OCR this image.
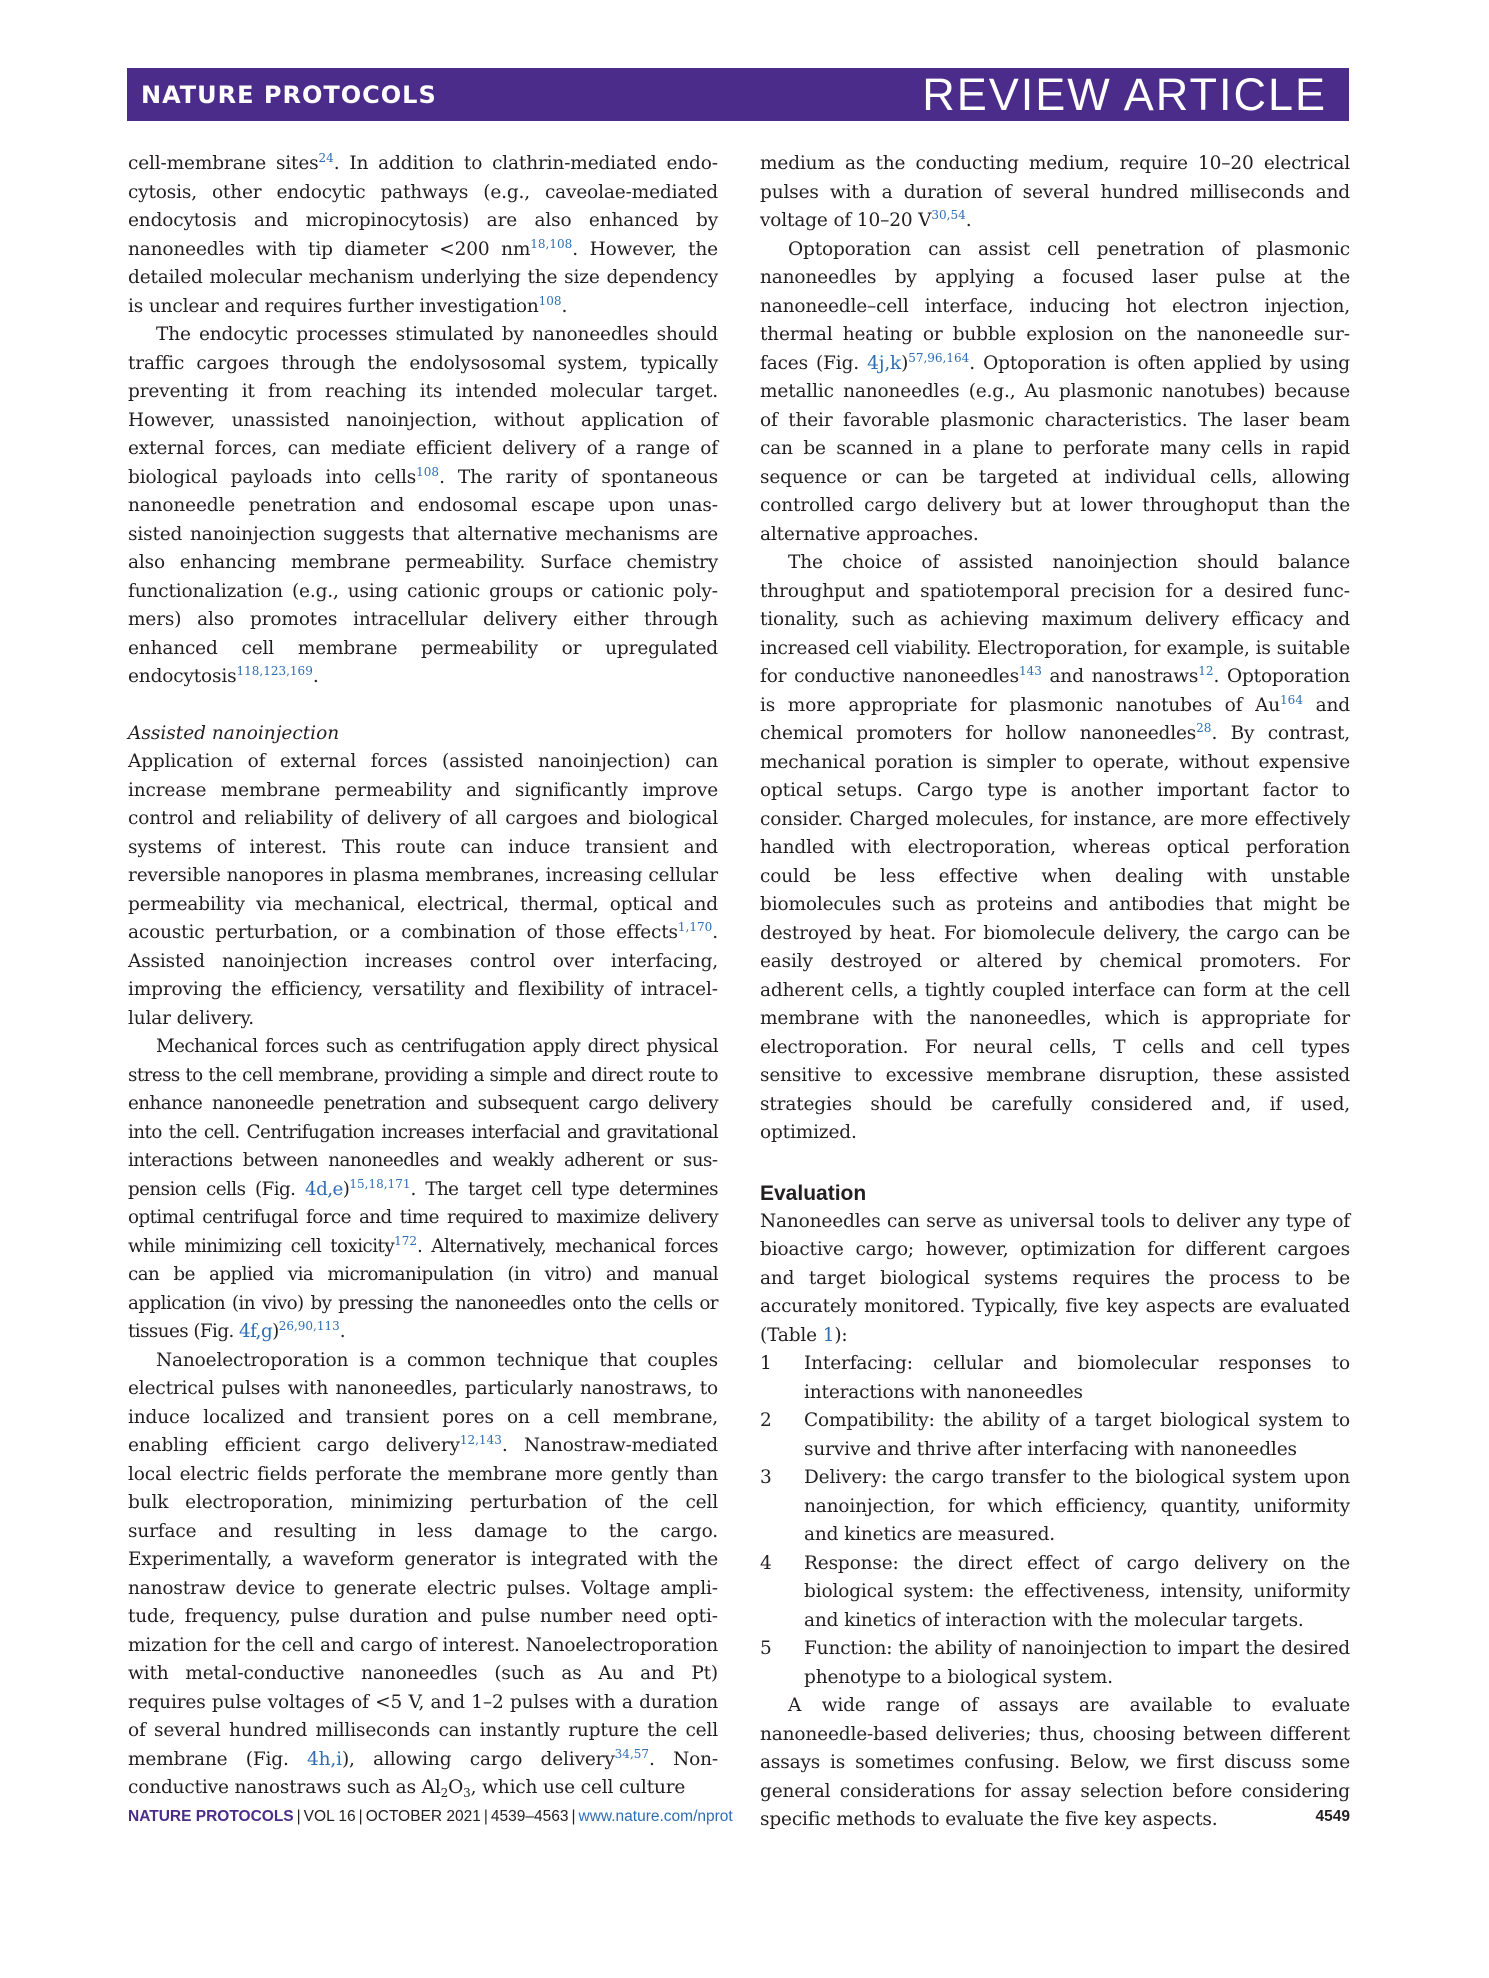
NATURE PROTOCOLS	REVIEW ARTICLE

cell-membrane sites$^{24}$. In addition to clathrin-mediated endocytosis, other endocytic pathways (e.g., caveolae-mediated endocytosis and micropinocytosis) are also enhanced by nanoneedles with tip diameter <200 nm$^{18,108}$. However, the detailed molecular mechanism underlying the size dependency is unclear and requires further investigation$^{108}$.

The endocytic processes stimulated by nanoneedles should traffic cargoes through the endolysosomal system, typically preventing it from reaching its intended molecular target. However, unassisted nanoinjection, without application of external forces, can mediate efficient delivery of a range of biological payloads into cells$^{108}$. The rarity of spontaneous nanoneedle penetration and endosomal escape upon unassisted nanoinjection suggests that alternative mechanisms are also enhancing membrane permeability. Surface chemistry functionalization (e.g., using cationic groups or cationic polymers) also promotes intracellular delivery either through enhanced cell membrane permeability or upregulated endocytosis$^{118,123,169}$.

Assisted nanoinjection

Application of external forces (assisted nanoinjection) can increase membrane permeability and significantly improve control and reliability of delivery of all cargoes and biological systems of interest. This route can induce transient and reversible nanopores in plasma membranes, increasing cellular permeability via mechanical, electrical, thermal, optical and acoustic perturbation, or a combination of those effects$^{1,170}$. Assisted nanoinjection increases control over interfacing, improving the efficiency, versatility and flexibility of intracellular delivery.

Mechanical forces such as centrifugation apply direct physical stress to the cell membrane, providing a simple and direct route to enhance nanoneedle penetration and subsequent cargo delivery into the cell. Centrifugation increases interfacial and gravitational interactions between nanoneedles and weakly adherent or suspension cells (Fig. 4d,e)$^{15,18,171}$. The target cell type determines optimal centrifugal force and time required to maximize delivery while minimizing cell toxicity$^{172}$. Alternatively, mechanical forces can be applied via micromanipulation (in vitro) and manual application (in vivo) by pressing the nanoneedles onto the cells or tissues (Fig. 4f,g)$^{26,90,113}$.

Nanoelectroporation is a common technique that couples electrical pulses with nanoneedles, particularly nanostraws, to induce localized and transient pores on a cell membrane, enabling efficient cargo delivery$^{12,143}$. Nanostraw-mediated local electric fields perforate the membrane more gently than bulk electroporation, minimizing perturbation of the cell surface and resulting in less damage to the cargo. Experimentally, a waveform generator is integrated with the nanostraw device to generate electric pulses. Voltage amplitude, frequency, pulse duration and pulse number need optimization for the cell and cargo of interest. Nanoelectroporation with metal-conductive nanoneedles (such as Au and Pt) requires pulse voltages of <5 V, and 1–2 pulses with a duration of several hundred milliseconds can instantly rupture the cell membrane (Fig. 4h,i), allowing cargo delivery$^{34,57}$. Non-conductive nanostraws such as $Al_2O_3$, which use cell culture

medium as the conducting medium, require 10–20 electrical pulses with a duration of several hundred milliseconds and voltage of 10–20 V$^{30,54}$.

Optoporation can assist cell penetration of plasmonic nanoneedles by applying a focused laser pulse at the nanoneedle–cell interface, inducing hot electron injection, thermal heating or bubble explosion on the nanoneedle surfaces (Fig. 4j,k)$^{57,96,164}$. Optoporation is often applied by using metallic nanoneedles (e.g., Au plasmonic nanotubes) because of their favorable plasmonic characteristics. The laser beam can be scanned in a plane to perforate many cells in rapid sequence or can be targeted at individual cells, allowing controlled cargo delivery but at lower throughoput than the alternative approaches.

The choice of assisted nanoinjection should balance throughput and spatiotemporal precision for a desired functionality, such as achieving maximum delivery efficacy and increased cell viability. Electroporation, for example, is suitable for conductive nanoneedles$^{143}$ and nanostraws$^{12}$. Optoporation is more appropriate for plasmonic nanotubes of Au$^{164}$ and chemical promoters for hollow nanoneedles$^{28}$. By contrast, mechanical poration is simpler to operate, without expensive optical setups. Cargo type is another important factor to consider. Charged molecules, for instance, are more effectively handled with electroporation, whereas optical perforation could be less effective when dealing with unstable biomolecules such as proteins and antibodies that might be destroyed by heat. For biomolecule delivery, the cargo can be easily destroyed or altered by chemical promoters. For adherent cells, a tightly coupled interface can form at the cell membrane with the nanoneedles, which is appropriate for electroporation. For neural cells, T cells and cell types sensitive to excessive membrane disruption, these assisted strategies should be carefully considered and, if used, optimized.

Evaluation

Nanoneedles can serve as universal tools to deliver any type of bioactive cargo; however, optimization for different cargoes and target biological systems requires the process to be accurately monitored. Typically, five key aspects are evaluated (Table 1):

1	Interfacing: cellular and biomolecular responses to interactions with nanoneedles
2	Compatibility: the ability of a target biological system to survive and thrive after interfacing with nanoneedles
3	Delivery: the cargo transfer to the biological system upon nanoinjection, for which efficiency, quantity, uniformity and kinetics are measured.
4	Response: the direct effect of cargo delivery on the biological system: the effectiveness, intensity, uniformity and kinetics of interaction with the molecular targets.
5	Function: the ability of nanoinjection to impart the desired phenotype to a biological system.

A wide range of assays are available to evaluate nanoneedle-based deliveries; thus, choosing between different assays is sometimes confusing. Below, we first discuss some general considerations for assay selection before considering specific methods to evaluate the five key aspects.

NATURE PROTOCOLS | VOL 16 | OCTOBER 2021 | 4539–4563 | www.nature.com/nprot	4549
